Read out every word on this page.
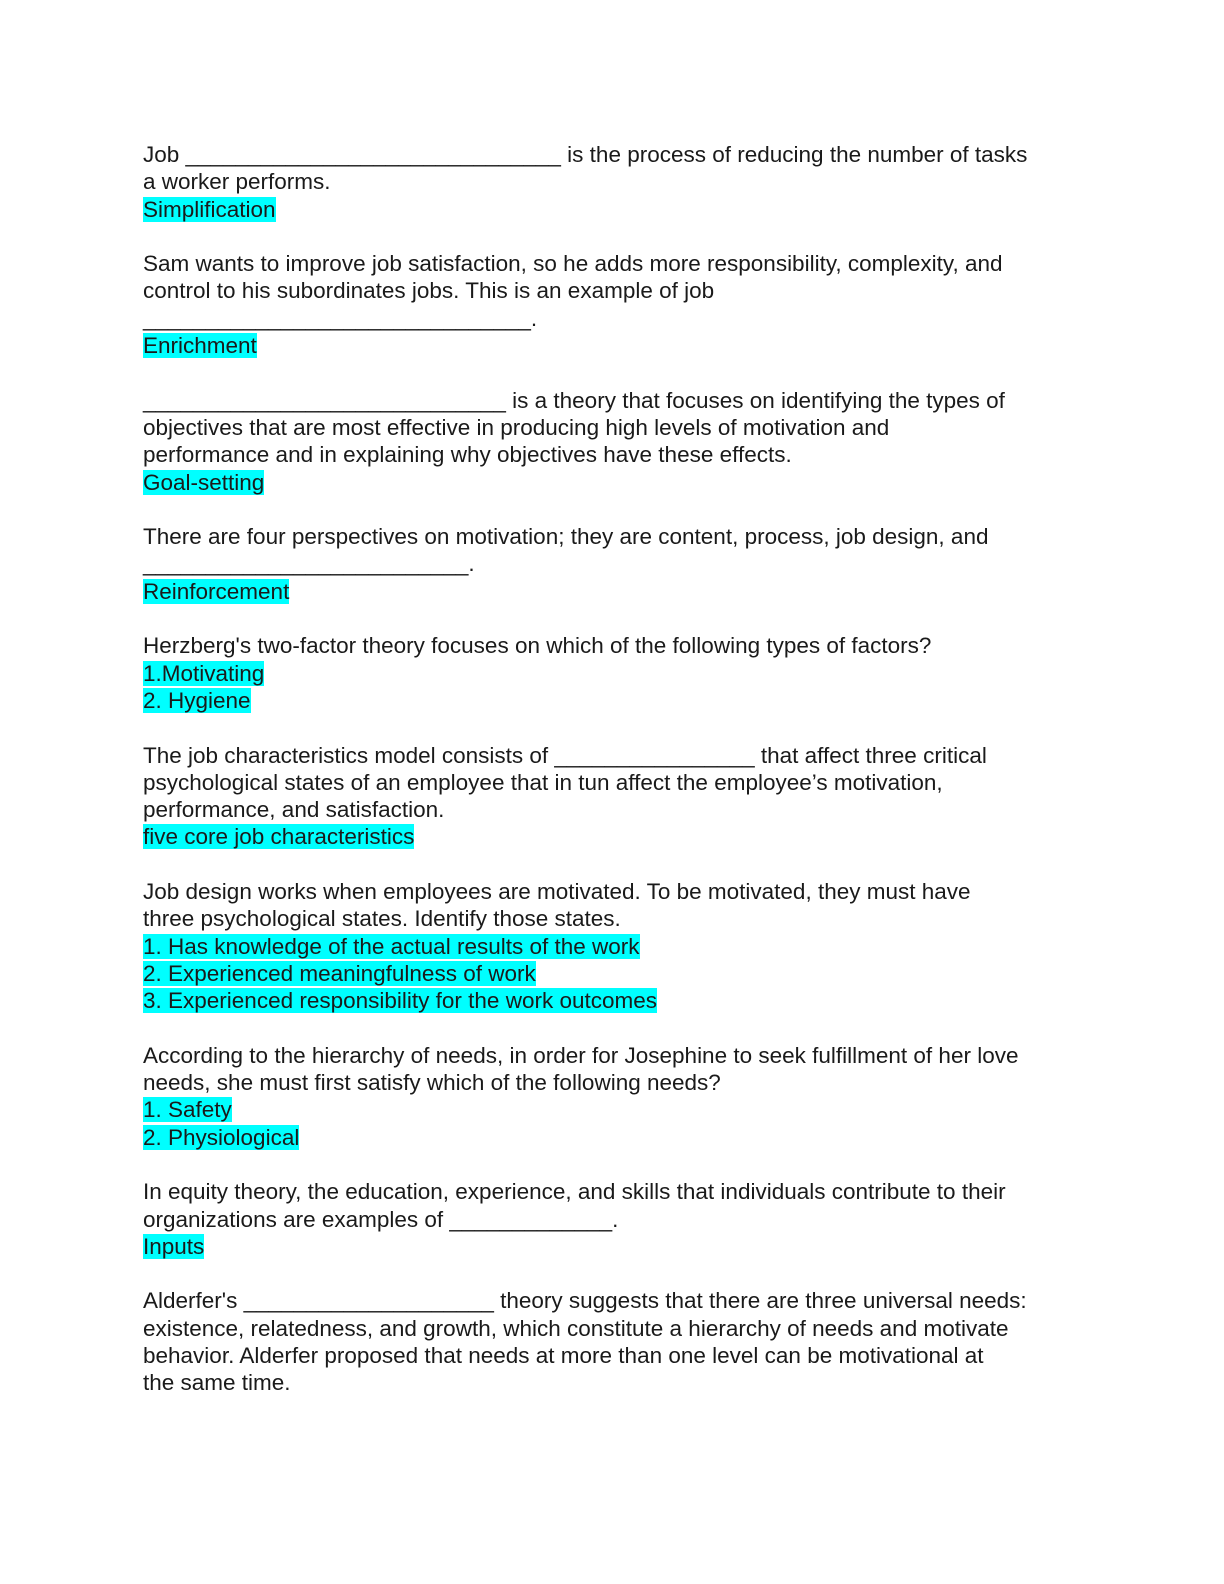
Job ______________________________ is the process of reducing the number of tasks
a worker performs.

Simplification

Sam wants to improve job satisfaction, so he adds more responsibility, complexity, and
control to his subordinates jobs. This is an example of job
_______________________________.

Enrichment

_____________________________ is a theory that focuses on identifying the types of
objectives that are most effective in producing high levels of motivation and
performance and in explaining why objectives have these effects.

Goal-setting

There are four perspectives on motivation; they are content, process, job design, and
__________________________.

Reinforcement

Herzberg's two-factor theory focuses on which of the following types of factors?

1.Motivating
2. Hygiene

The job characteristics model consists of ________________ that affect three critical
psychological states of an employee that in tun affect the employee’s motivation,
performance, and satisfaction.

five core job characteristics

Job design works when employees are motivated. To be motivated, they must have
three psychological states. Identify those states.

1. Has knowledge of the actual results of the work
2. Experienced meaningfulness of work
3. Experienced responsibility for the work outcomes

According to the hierarchy of needs, in order for Josephine to seek fulfillment of her love
needs, she must first satisfy which of the following needs?

1. Safety
2. Physiological

In equity theory, the education, experience, and skills that individuals contribute to their
organizations are examples of _____________.

Inputs

Alderfer's ____________________ theory suggests that there are three universal needs:
existence, relatedness, and growth, which constitute a hierarchy of needs and motivate
behavior. Alderfer proposed that needs at more than one level can be motivational at
the same time.
